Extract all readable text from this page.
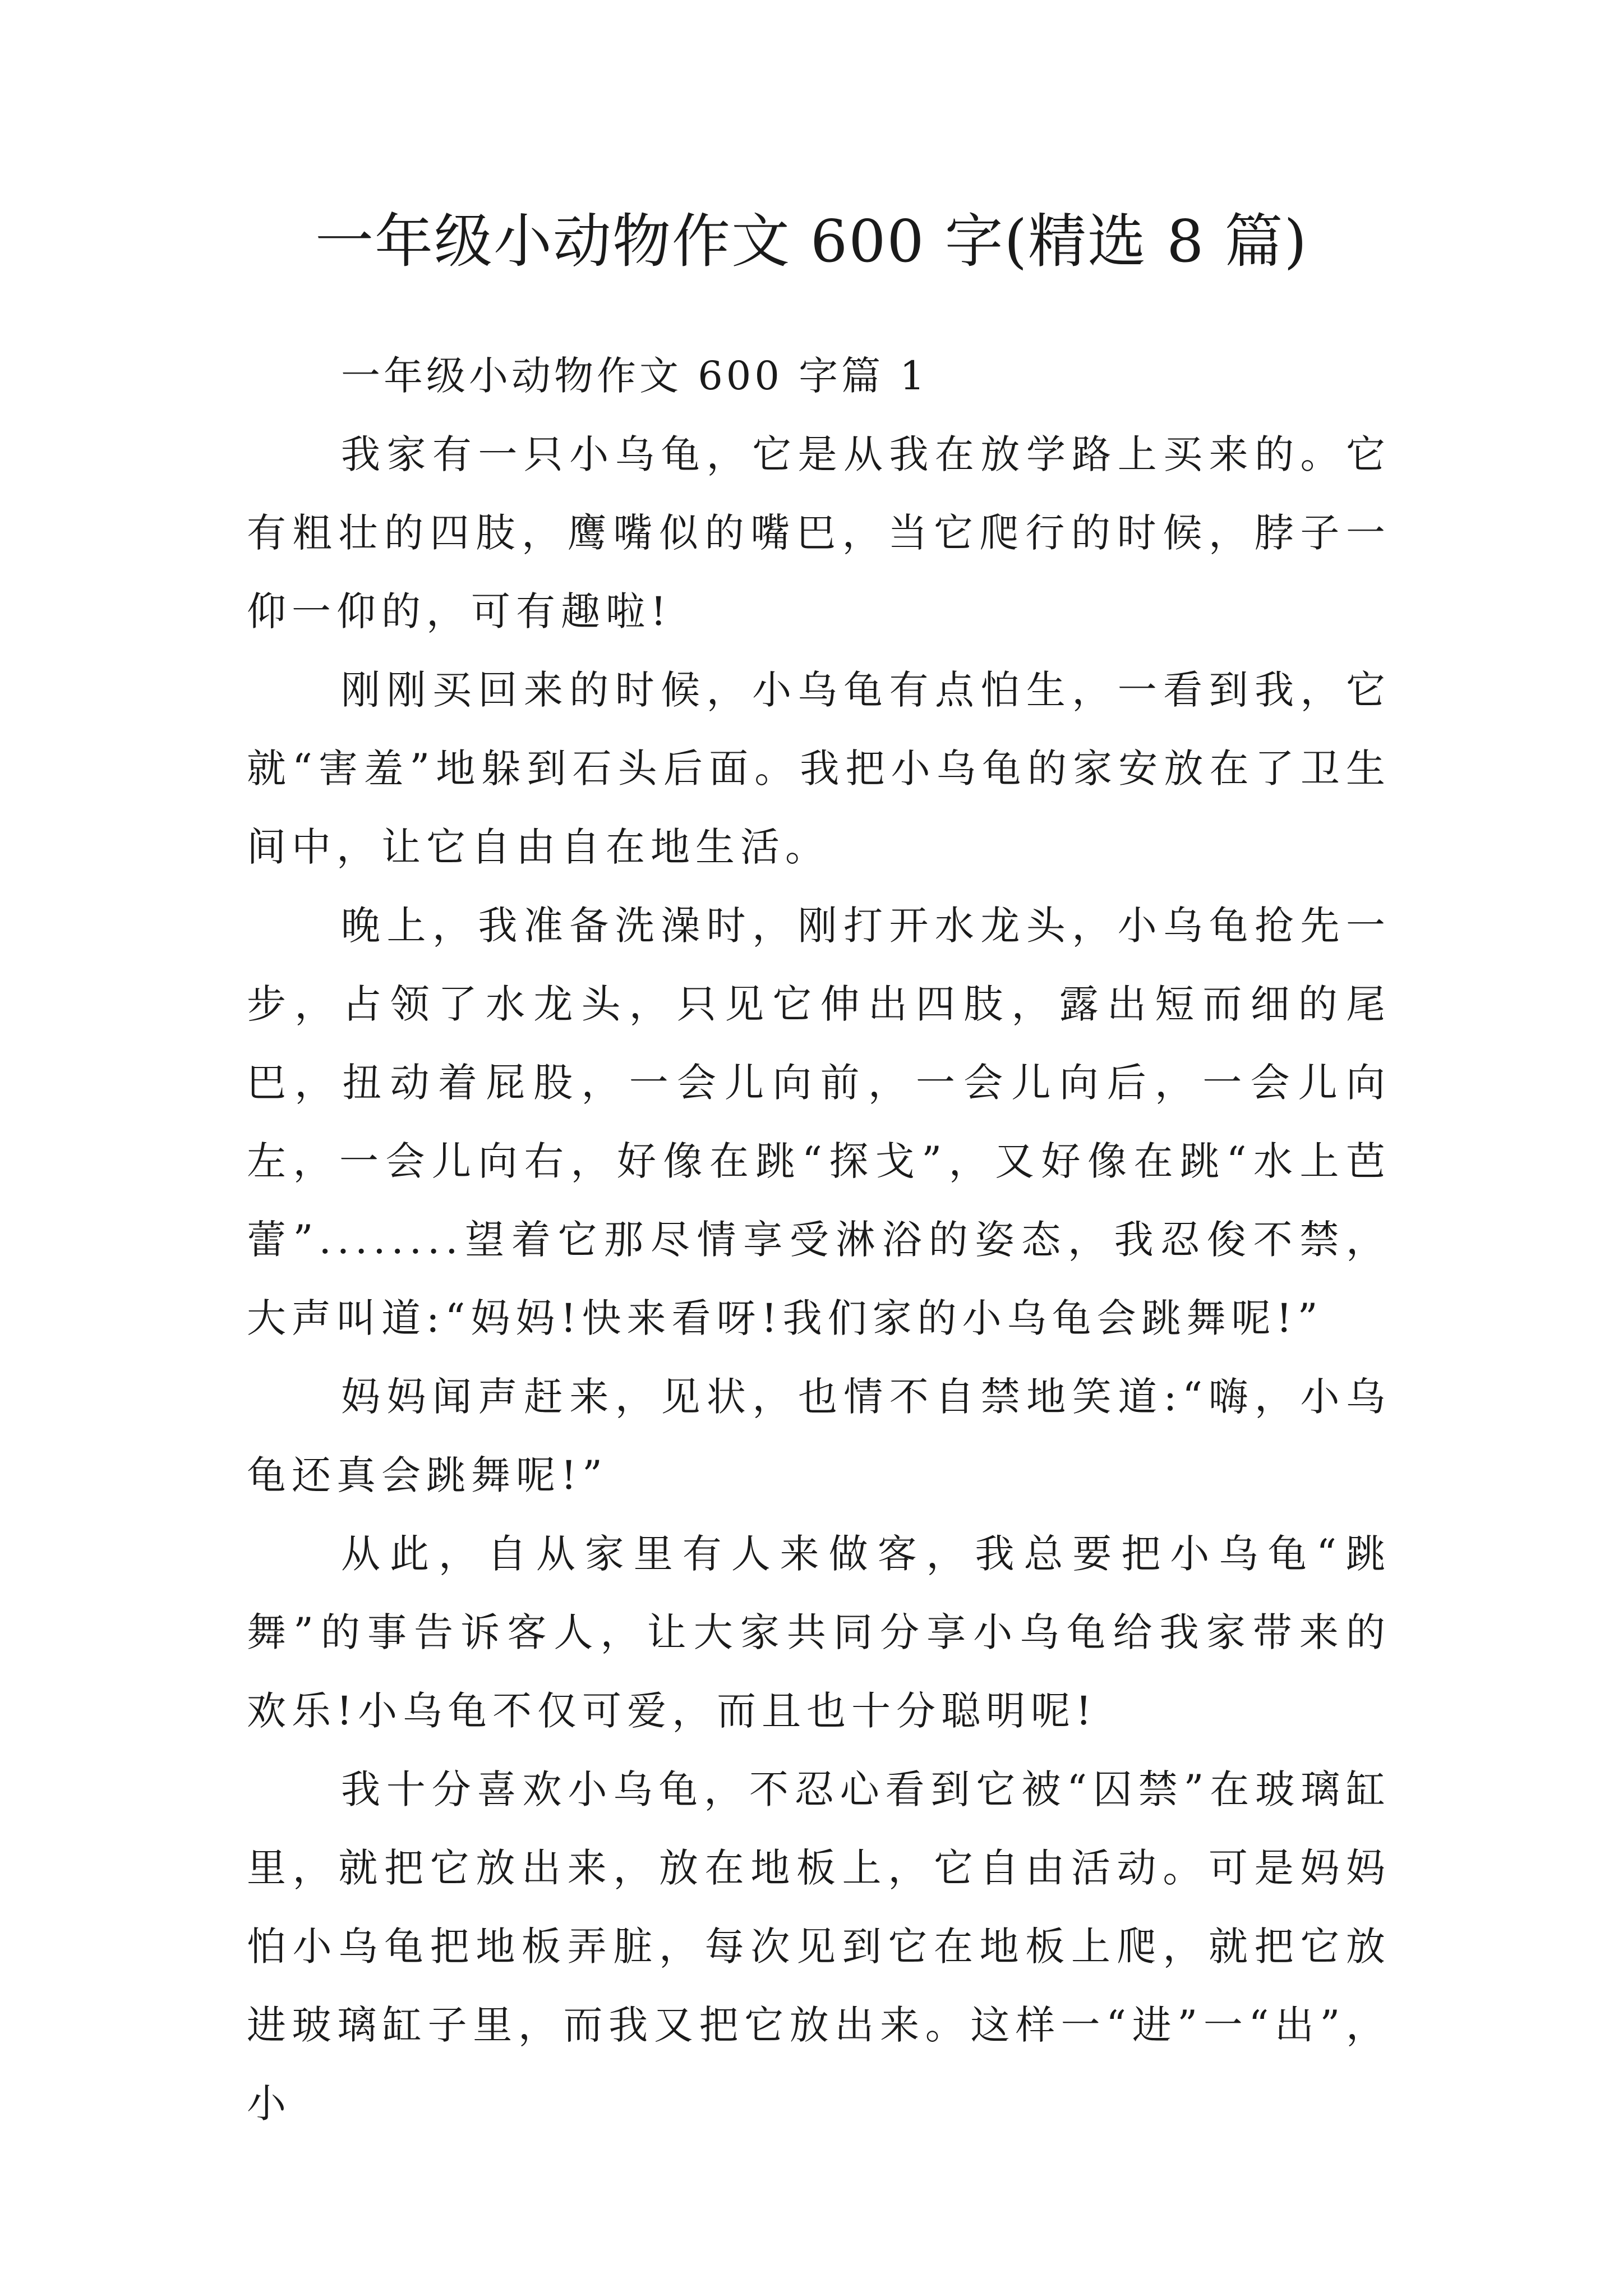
一年级小动物作文 600 字(精选 8 篇)

一年级小动物作文 600 字篇 1

我家有一只小乌龟，它是从我在放学路上买来的。它有粗壮的四肢，鹰嘴似的嘴巴，当它爬行的时候，脖子一仰一仰的，可有趣啦!

刚刚买回来的时候，小乌龟有点怕生，一看到我，它就“害羞”地躲到石头后面。我把小乌龟的家安放在了卫生间中，让它自由自在地生活。

晚上，我准备洗澡时，刚打开水龙头，小乌龟抢先一步，占领了水龙头，只见它伸出四肢，露出短而细的尾巴，扭动着屁股，一会儿向前，一会儿向后，一会儿向左，一会儿向右，好像在跳“探戈”，又好像在跳“水上芭蕾”........望着它那尽情享受淋浴的姿态，我忍俊不禁，大声叫道:“妈妈!快来看呀!我们家的小乌龟会跳舞呢!”

妈妈闻声赶来，见状，也情不自禁地笑道:“嗨，小乌龟还真会跳舞呢!”

从此，自从家里有人来做客，我总要把小乌龟“跳舞”的事告诉客人，让大家共同分享小乌龟给我家带来的欢乐!小乌龟不仅可爱，而且也十分聪明呢!

我十分喜欢小乌龟，不忍心看到它被“囚禁”在玻璃缸里，就把它放出来，放在地板上，它自由活动。可是妈妈怕小乌龟把地板弄脏，每次见到它在地板上爬，就把它放进玻璃缸子里，而我又把它放出来。这样一“进”一“出”，小
